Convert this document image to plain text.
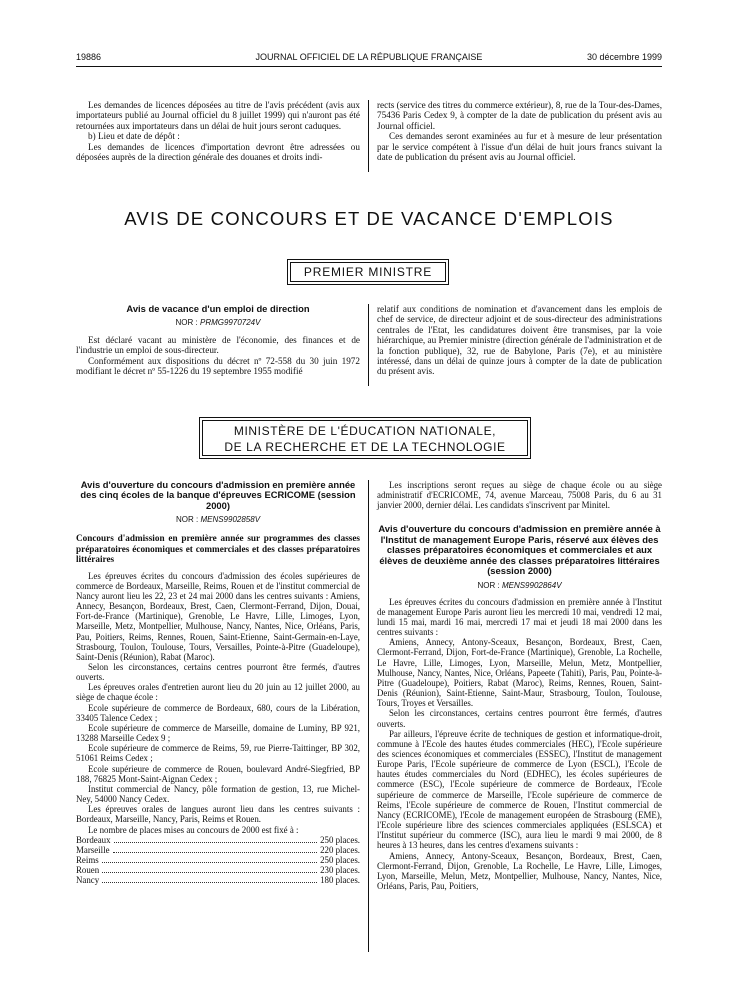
19886	JOURNAL OFFICIEL DE LA RÉPUBLIQUE FRANÇAISE	30 décembre 1999

Les demandes de licences déposées au titre de l'avis précédent (avis aux importateurs publié au Journal officiel du 8 juillet 1999) qui n'auront pas été retournées aux importateurs dans un délai de huit jours seront caduques.

b) Lieu et date de dépôt :

Les demandes de licences d'importation devront être adressées ou déposées auprès de la direction générale des douanes et droits indi-

rects (service des titres du commerce extérieur), 8, rue de la Tour-des-Dames, 75436 Paris Cedex 9, à compter de la date de publication du présent avis au Journal officiel.

Ces demandes seront examinées au fur et à mesure de leur présentation par le service compétent à l'issue d'un délai de huit jours francs suivant la date de publication du présent avis au Journal officiel.

AVIS DE CONCOURS ET DE VACANCE D'EMPLOIS
PREMIER MINISTRE
Avis de vacance d'un emploi de direction
NOR : PRMG9970724V

Est déclaré vacant au ministère de l'économie, des finances et de l'industrie un emploi de sous-directeur.

Conformément aux dispositions du décret nº 72-558 du 30 juin 1972 modifiant le décret nº 55-1226 du 19 septembre 1955 modifié

relatif aux conditions de nomination et d'avancement dans les emplois de chef de service, de directeur adjoint et de sous-directeur des administrations centrales de l'Etat, les candidatures doivent être transmises, par la voie hiérarchique, au Premier ministre (direction générale de l'administration et de la fonction publique), 32, rue de Babylone, Paris (7e), et au ministère intéressé, dans un délai de quinze jours à compter de la date de publication du présent avis.

MINISTÈRE DE L'ÉDUCATION NATIONALE,
DE LA RECHERCHE ET DE LA TECHNOLOGIE
Avis d'ouverture du concours d'admission en première année des cinq écoles de la banque d'épreuves ECRICOME (session 2000)
NOR : MENS9902858V
Concours d'admission en première année sur programmes des classes préparatoires économiques et commerciales et des classes préparatoires littéraires

Les épreuves écrites du concours d'admission des écoles supérieures de commerce de Bordeaux, Marseille, Reims, Rouen et de l'institut commercial de Nancy auront lieu les 22, 23 et 24 mai 2000 dans les centres suivants : Amiens, Annecy, Besançon, Bordeaux, Brest, Caen, Clermont-Ferrand, Dijon, Douai, Fort-de-France (Martinique), Grenoble, Le Havre, Lille, Limoges, Lyon, Marseille, Metz, Montpellier, Mulhouse, Nancy, Nantes, Nice, Orléans, Paris, Pau, Poitiers, Reims, Rennes, Rouen, Saint-Etienne, Saint-Germain-en-Laye, Strasbourg, Toulon, Toulouse, Tours, Versailles, Pointe-à-Pitre (Guadeloupe), Saint-Denis (Réunion), Rabat (Maroc).

Selon les circonstances, certains centres pourront être fermés, d'autres ouverts.

Les épreuves orales d'entretien auront lieu du 20 juin au 12 juillet 2000, au siège de chaque école :

Ecole supérieure de commerce de Bordeaux, 680, cours de la Libération, 33405 Talence Cedex ;

Ecole supérieure de commerce de Marseille, domaine de Luminy, BP 921, 13288 Marseille Cedex 9 ;

Ecole supérieure de commerce de Reims, 59, rue Pierre-Taittinger, BP 302, 51061 Reims Cedex ;

Ecole supérieure de commerce de Rouen, boulevard André-Siegfried, BP 188, 76825 Mont-Saint-Aignan Cedex ;

Institut commercial de Nancy, pôle formation de gestion, 13, rue Michel-Ney, 54000 Nancy Cedex.

Les épreuves orales de langues auront lieu dans les centres suivants : Bordeaux, Marseille, Nancy, Paris, Reims et Rouen.

Le nombre de places mises au concours de 2000 est fixé à :

Bordeaux	250 places.
Marseille	220 places.
Reims	250 places.
Rouen	230 places.
Nancy	180 places.

Les inscriptions seront reçues au siège de chaque école ou au siège administratif d'ECRICOME, 74, avenue Marceau, 75008 Paris, du 6 au 31 janvier 2000, dernier délai. Les candidats s'inscrivent par Minitel.

Avis d'ouverture du concours d'admission en première année à l'Institut de management Europe Paris, réservé aux élèves des classes préparatoires économiques et commerciales et aux élèves de deuxième année des classes préparatoires littéraires (session 2000)
NOR : MENS9902864V

Les épreuves écrites du concours d'admission en première année à l'Institut de management Europe Paris auront lieu les mercredi 10 mai, vendredi 12 mai, lundi 15 mai, mardi 16 mai, mercredi 17 mai et jeudi 18 mai 2000 dans les centres suivants :

Amiens, Annecy, Antony-Sceaux, Besançon, Bordeaux, Brest, Caen, Clermont-Ferrand, Dijon, Fort-de-France (Martinique), Grenoble, La Rochelle, Le Havre, Lille, Limoges, Lyon, Marseille, Melun, Metz, Montpellier, Mulhouse, Nancy, Nantes, Nice, Orléans, Papeete (Tahiti), Paris, Pau, Pointe-à-Pitre (Guadeloupe), Poitiers, Rabat (Maroc), Reims, Rennes, Rouen, Saint-Denis (Réunion), Saint-Etienne, Saint-Maur, Strasbourg, Toulon, Toulouse, Tours, Troyes et Versailles.

Selon les circonstances, certains centres pourront être fermés, d'autres ouverts.

Par ailleurs, l'épreuve écrite de techniques de gestion et informatique-droit, commune à l'Ecole des hautes études commerciales (HEC), l'Ecole supérieure des sciences économiques et commerciales (ESSEC), l'Institut de management Europe Paris, l'Ecole supérieure de commerce de Lyon (ESCL), l'Ecole de hautes études commerciales du Nord (EDHEC), les écoles supérieures de commerce (ESC), l'Ecole supérieure de commerce de Bordeaux, l'Ecole supérieure de commerce de Marseille, l'Ecole supérieure de commerce de Reims, l'Ecole supérieure de commerce de Rouen, l'Institut commercial de Nancy (ECRICOME), l'Ecole de management européen de Strasbourg (EME), l'Ecole supérieure libre des sciences commerciales appliquées (ESLSCA) et l'Institut supérieur du commerce (ISC), aura lieu le mardi 9 mai 2000, de 8 heures à 13 heures, dans les centres d'examens suivants :

Amiens, Annecy, Antony-Sceaux, Besançon, Bordeaux, Brest, Caen, Clermont-Ferrand, Dijon, Grenoble, La Rochelle, Le Havre, Lille, Limoges, Lyon, Marseille, Melun, Metz, Montpellier, Mulhouse, Nancy, Nantes, Nice, Orléans, Paris, Pau, Poitiers,
